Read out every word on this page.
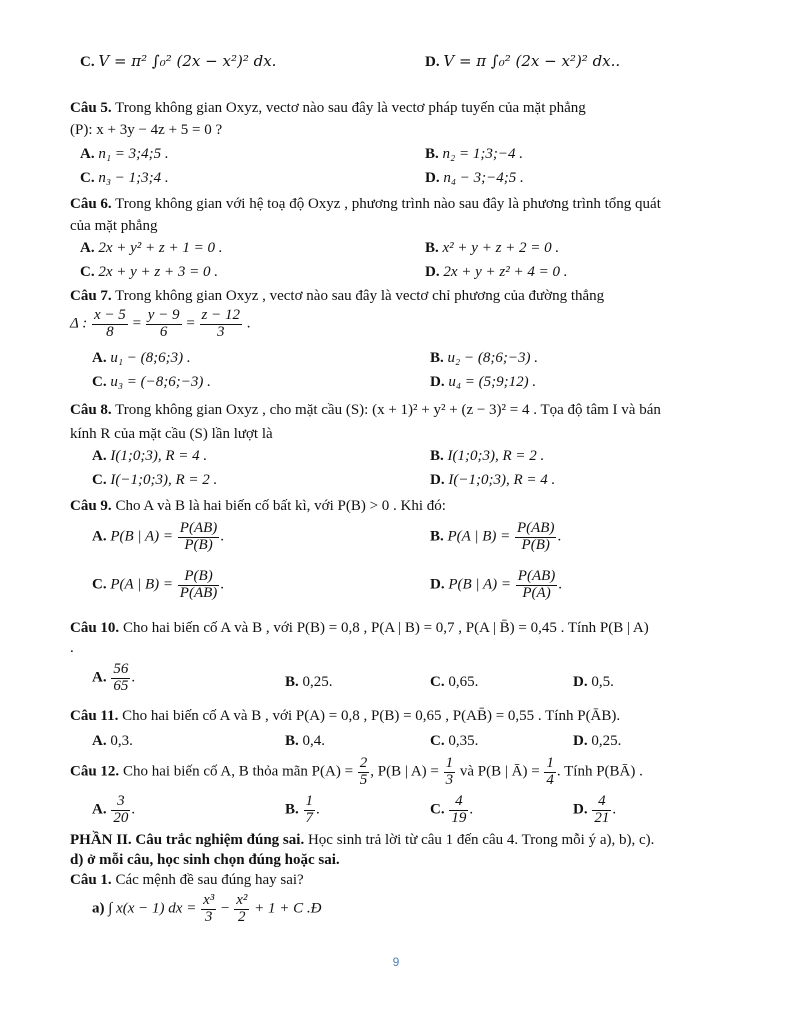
C. V = π² ∫₀² (2x − x²)² dx.	D. V = π ∫₀² (2x − x²)² dx..
Câu 5. Trong không gian Oxyz, vectơ nào sau đây là vectơ pháp tuyến của mặt phẳng
(P): x + 3y − 4z + 5 = 0 ?
A. n₁ = 3;4;5 .	B. n₂ = 1;3;−4 .
C. n₃ − 1;3;4 .	D. n₄ − 3;−4;5 .
Câu 6. Trong không gian với hệ toạ độ Oxyz , phương trình nào sau đây là phương trình tổng quát
của mặt phẳng
A. 2x + y² + z + 1 = 0 .	B. x² + y + z + 2 = 0 .
C. 2x + y + z + 3 = 0 .	D. 2x + y + z² + 4 = 0 .
Câu 7. Trong không gian Oxyz , vectơ nào sau đây là vectơ chỉ phương của đường thẳng
Δ : $\frac{x - 5}{8} = \frac{y - 9}{6} = \frac{z - 12}{3}$ .
A. u₁ − (8;6;3) .	B. u₂ − (8;6;−3) .
C. u₃ = (−8;6;−3) .	D. u₄ = (5;9;12) .
Câu 8. Trong không gian Oxyz , cho mặt cầu (S): (x + 1)² + y² + (z − 3)² = 4 . Tọa độ tâm I và bán
kính R của mặt cầu (S) lần lượt là
A. I(1;0;3), R = 4 .	B. I(1;0;3), R = 2 .
C. I(−1;0;3), R = 2 .	D. I(−1;0;3), R = 4 .
Câu 9. Cho A và B là hai biến cố bất kì, với P(B) > 0 . Khi đó:
A. P(B | $A) = \frac{P(AB)}{P(B)}$ .	B. P(A | $B) = \frac{P(AB)}{P(B)}$ .
C. P(A | $B) = \frac{P(B)}{P(AB)}$ .	D. P(B | $A) = \frac{P(AB)}{P(A)}$ .
Câu 10. Cho hai biến cố A và B , với P(B) = 0,8 , P(A | B) = 0,7 , P(A | B̄) = 0,45 . Tính P(B | A)
.
A. $\frac{56}{65}$ .	B. 0,25.	C. 0,65.	D. 0,5.
Câu 11. Cho hai biến cố A và B , với P(A) = 0,8 , P(B) = 0,65 , P(AB̄) = 0,55 . Tính P(ĀB).
A. 0,3.	B. 0,4.	C. 0,35.	D. 0,25.
Câu 12. Cho hai biến cố A, B thỏa mãn $P(A) = \frac{2}{5}$ , P(B | $A) = \frac{1}{3}$ và P(B | Ā) = $\frac{1}{4}$ . Tính P(BĀ) .
A. $\frac{3}{20}$ .	B. $\frac{1}{7}$ .	C. $\frac{4}{19}$ .	D. $\frac{4}{21}$ .
PHẦN II. Câu trắc nghiệm đúng sai. Học sinh trả lời từ câu 1 đến câu 4. Trong mỗi ý a), b), c).
d) ở mỗi câu, học sinh chọn đúng hoặc sai.
Câu 1. Các mệnh đề sau đúng hay sai?
a) ∫ x(x − 1) dx = $\frac{\text{x³}}{3} - \frac{\text{x²}}{2} + 1 + C$ .Đ
9
